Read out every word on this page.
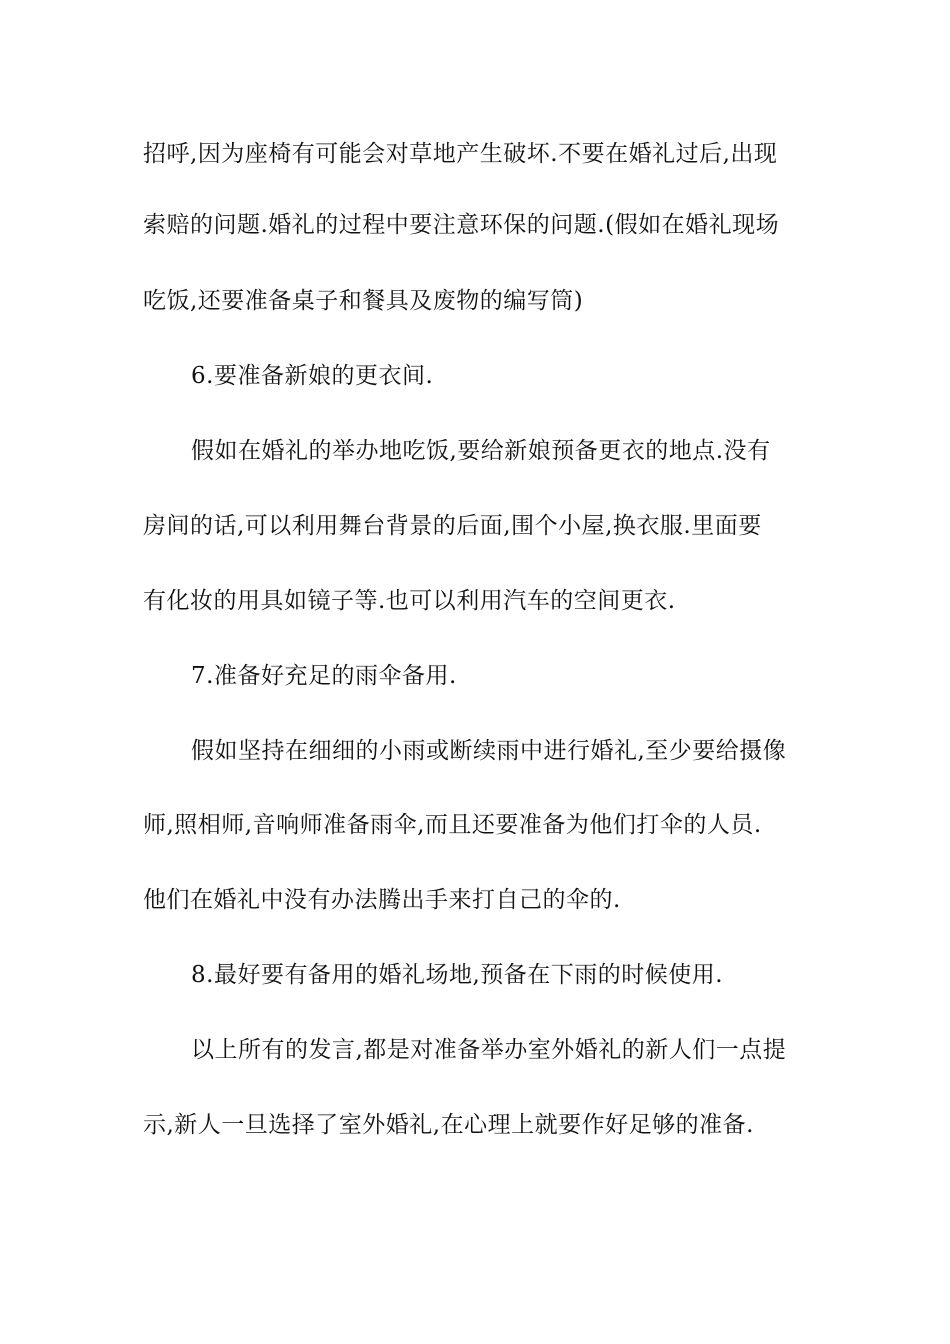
招呼,因为座椅有可能会对草地产生破坏.不要在婚礼过后,出现
索赔的问题.婚礼的过程中要注意环保的问题.(假如在婚礼现场
吃饭,还要准备桌子和餐具及废物的编写筒)
6.要准备新娘的更衣间.
假如在婚礼的举办地吃饭,要给新娘预备更衣的地点.没有
房间的话,可以利用舞台背景的后面,围个小屋,换衣服.里面要
有化妆的用具如镜子等.也可以利用汽车的空间更衣.
7.准备好充足的雨伞备用.
假如坚持在细细的小雨或断续雨中进行婚礼,至少要给摄像
师,照相师,音响师准备雨伞,而且还要准备为他们打伞的人员.
他们在婚礼中没有办法腾出手来打自己的伞的.
8.最好要有备用的婚礼场地,预备在下雨的时候使用.
以上所有的发言,都是对准备举办室外婚礼的新人们一点提
示,新人一旦选择了室外婚礼,在心理上就要作好足够的准备.
